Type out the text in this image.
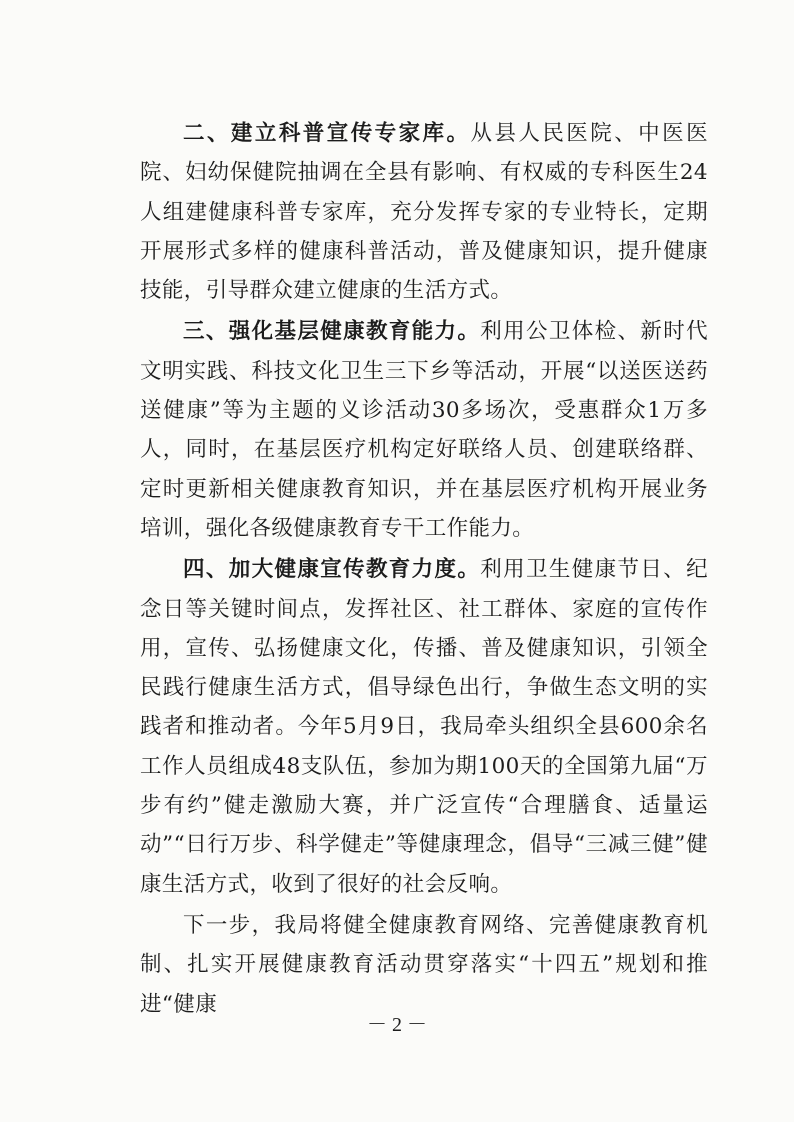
二、建立科普宣传专家库。从县人民医院、中医医院、妇幼保健院抽调在全县有影响、有权威的专科医生24人组建健康科普专家库，充分发挥专家的专业特长，定期开展形式多样的健康科普活动，普及健康知识，提升健康技能，引导群众建立健康的生活方式。

三、强化基层健康教育能力。利用公卫体检、新时代文明实践、科技文化卫生三下乡等活动，开展“以送医送药送健康”等为主题的义诊活动30多场次，受惠群众1万多人，同时，在基层医疗机构定好联络人员、创建联络群、定时更新相关健康教育知识，并在基层医疗机构开展业务培训，强化各级健康教育专干工作能力。

四、加大健康宣传教育力度。利用卫生健康节日、纪念日等关键时间点，发挥社区、社工群体、家庭的宣传作用，宣传、弘扬健康文化，传播、普及健康知识，引领全民践行健康生活方式，倡导绿色出行，争做生态文明的实践者和推动者。今年5月9日，我局牵头组织全县600余名工作人员组成48支队伍，参加为期100天的全国第九届“万步有约”健走激励大赛，并广泛宣传“合理膳食、适量运动”“日行万步、科学健走”等健康理念，倡导“三减三健”健康生活方式，收到了很好的社会反响。

下一步，我局将健全健康教育网络、完善健康教育机制、扎实开展健康教育活动贯穿落实“十四五”规划和推进“健康

－ 2 －
